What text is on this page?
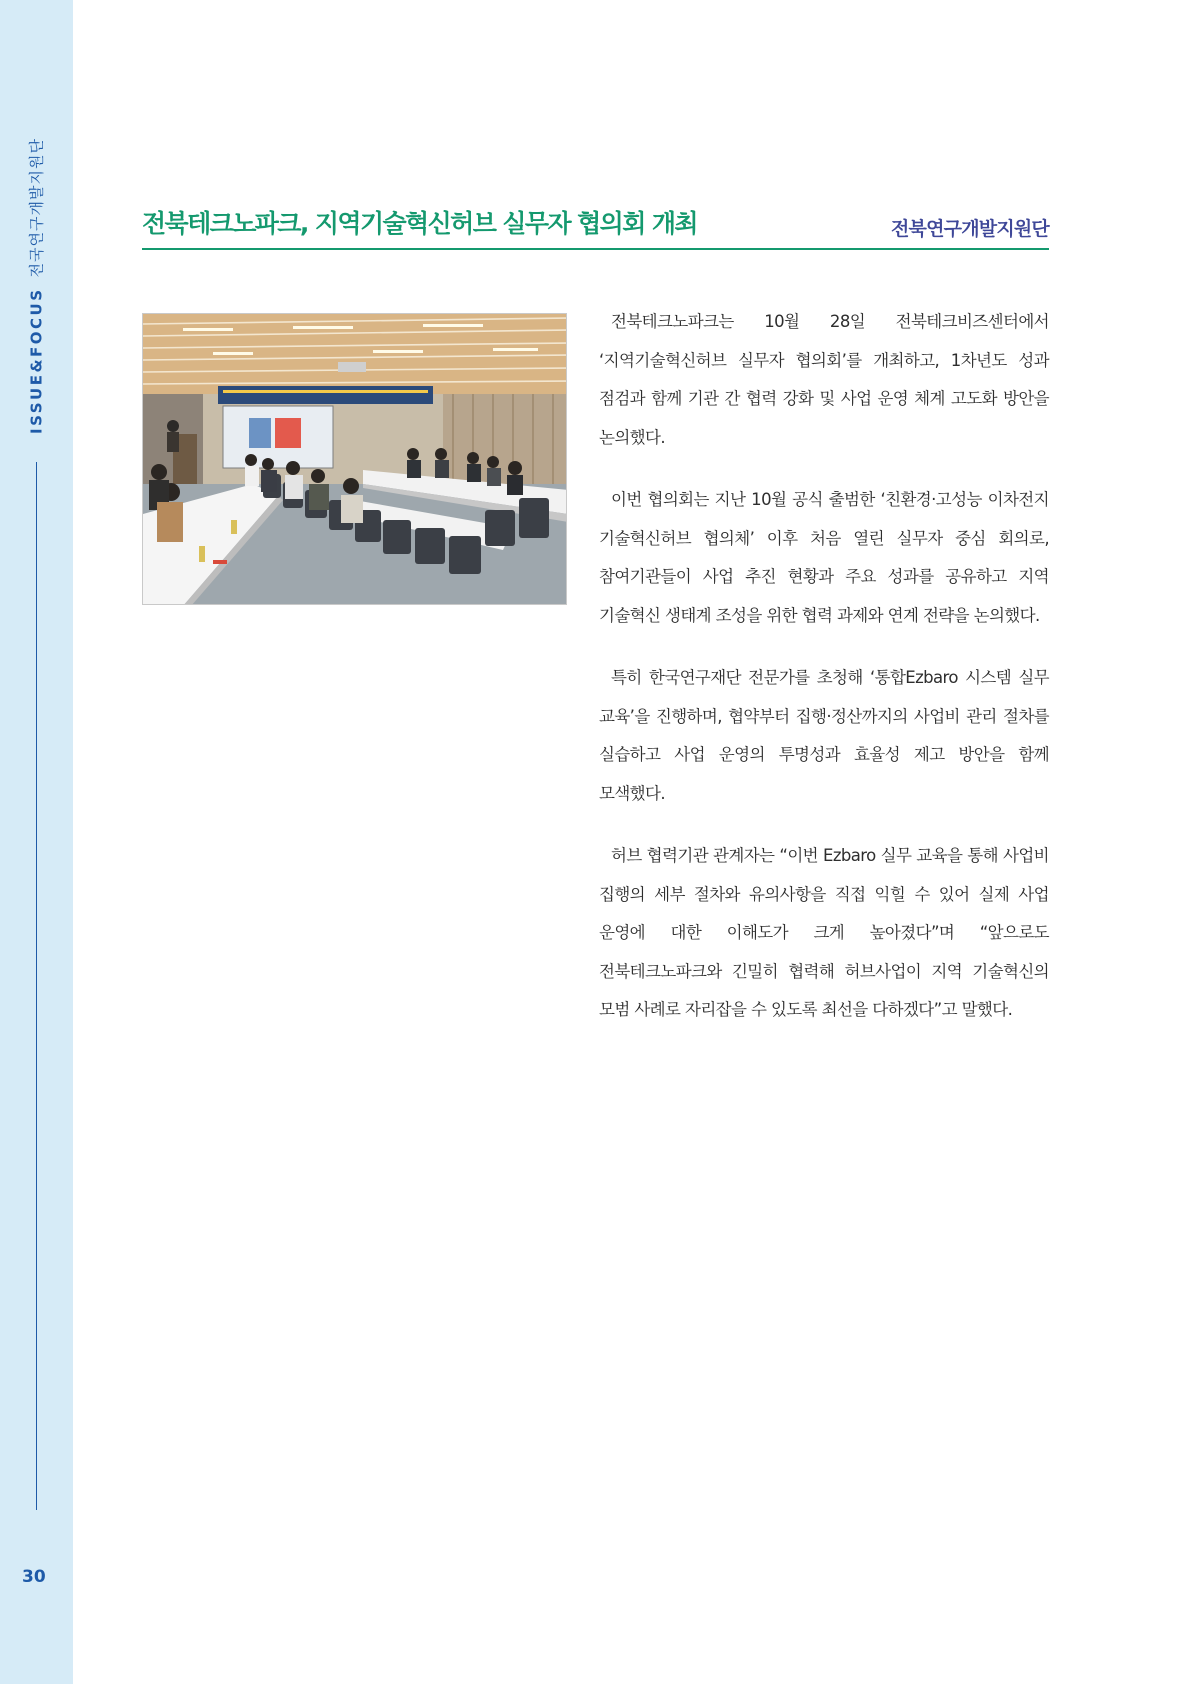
ISSUE&FOCUS전국연구개발지원단
30
전북테크노파크, 지역기술혁신허브 실무자 협의회 개최	전북연구개발지원단

전북테크노파크는 10월 28일 전북테크비즈센터에서 ‘지역기술혁신허브 실무자 협의회’를 개최하고, 1차년도 성과 점검과 함께 기관 간 협력 강화 및 사업 운영 체계 고도화 방안을 논의했다.

이번 협의회는 지난 10월 공식 출범한 ‘친환경·고성능 이차전지 기술혁신허브 협의체’ 이후 처음 열린 실무자 중심 회의로, 참여기관들이 사업 추진 현황과 주요 성과를 공유하고 지역 기술혁신 생태계 조성을 위한 협력 과제와 연계 전략을 논의했다.

특히 한국연구재단 전문가를 초청해 ‘통합Ezbaro 시스템 실무 교육’을 진행하며, 협약부터 집행·정산까지의 사업비 관리 절차를 실습하고 사업 운영의 투명성과 효율성 제고 방안을 함께 모색했다.

허브 협력기관 관계자는 “이번 Ezbaro 실무 교육을 통해 사업비 집행의 세부 절차와 유의사항을 직접 익힐 수 있어 실제 사업 운영에 대한 이해도가 크게 높아졌다”며 “앞으로도 전북테크노파크와 긴밀히 협력해 허브사업이 지역 기술혁신의 모범 사례로 자리잡을 수 있도록 최선을 다하겠다”고 말했다.
